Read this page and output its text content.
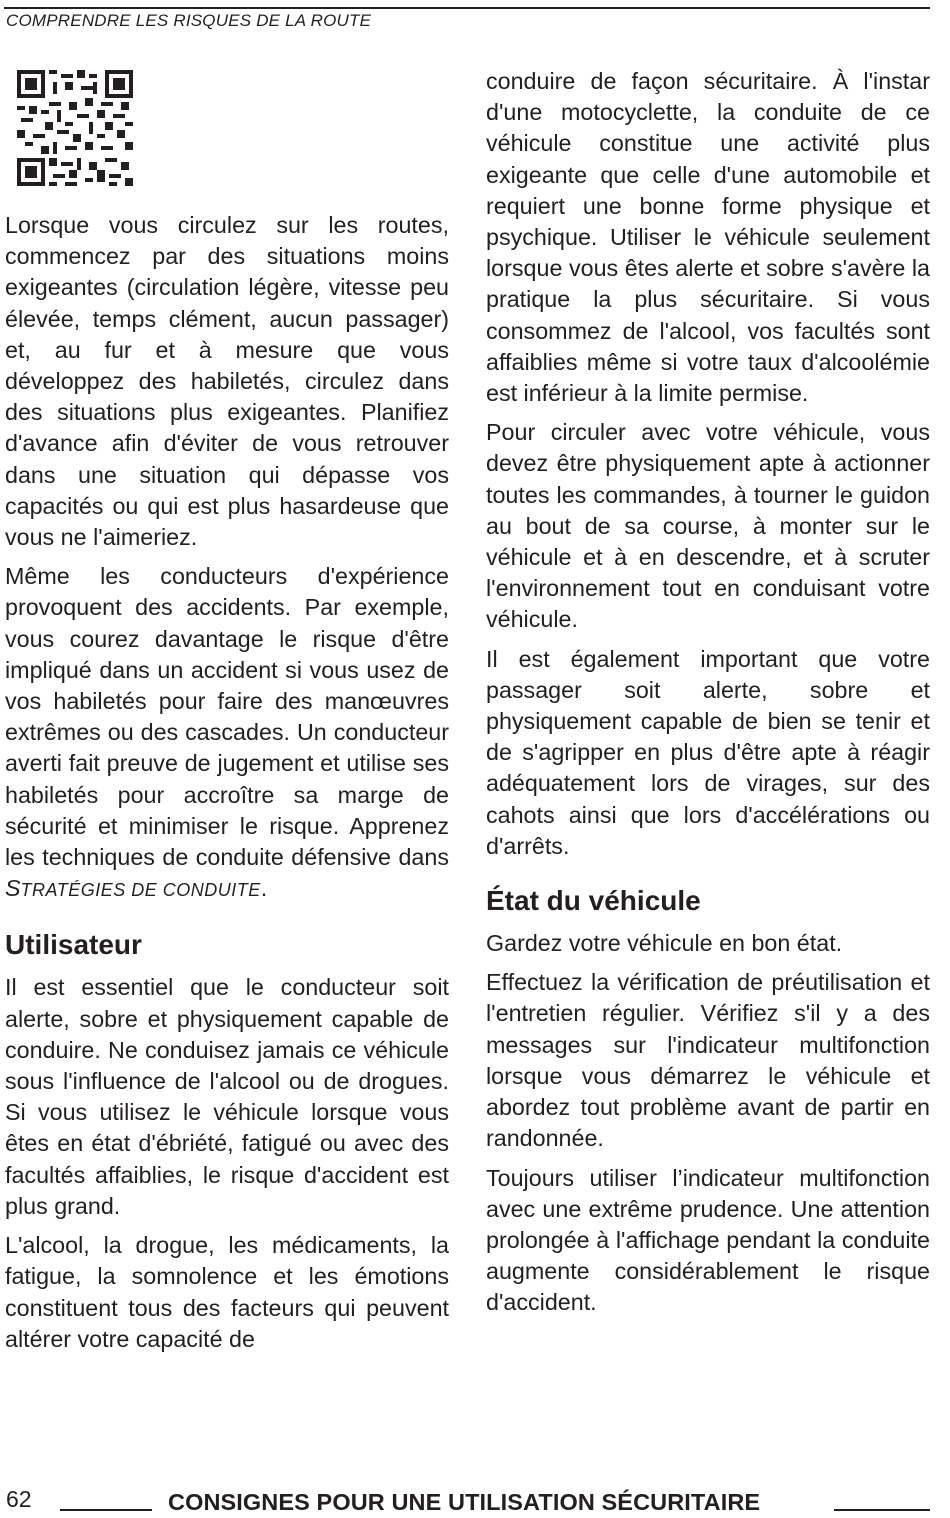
COMPRENDRE LES RISQUES DE LA ROUTE

Lorsque vous circulez sur les routes, commencez par des situations moins exigeantes (circulation légère, vitesse peu élevée, temps clément, aucun passager) et, au fur et à mesure que vous développez des habiletés, circulez dans des situations plus exigeantes. Planifiez d'avance afin d'éviter de vous retrouver dans une situation qui dépasse vos capacités ou qui est plus hasardeuse que vous ne l'aimeriez.

Même les conducteurs d'expérience provoquent des accidents. Par exemple, vous courez davantage le risque d'être impliqué dans un accident si vous usez de vos habiletés pour faire des manœuvres extrêmes ou des cascades. Un conducteur averti fait preuve de jugement et utilise ses habiletés pour accroître sa marge de sécurité et minimiser le risque. Apprenez les techniques de conduite défensive dans STRATÉGIES DE CONDUITE.

Utilisateur

Il est essentiel que le conducteur soit alerte, sobre et physiquement capable de conduire. Ne conduisez jamais ce véhicule sous l'influence de l'alcool ou de drogues. Si vous utilisez le véhicule lorsque vous êtes en état d'ébriété, fatigué ou avec des facultés affaiblies, le risque d'accident est plus grand.

L'alcool, la drogue, les médicaments, la fatigue, la somnolence et les émotions constituent tous des facteurs qui peuvent altérer votre capacité de

conduire de façon sécuritaire. À l'instar d'une motocyclette, la conduite de ce véhicule constitue une activité plus exigeante que celle d'une automobile et requiert une bonne forme physique et psychique. Utiliser le véhicule seulement lorsque vous êtes alerte et sobre s'avère la pratique la plus sécuritaire. Si vous consommez de l'alcool, vos facultés sont affaiblies même si votre taux d'alcoolémie est inférieur à la limite permise.

Pour circuler avec votre véhicule, vous devez être physiquement apte à actionner toutes les commandes, à tourner le guidon au bout de sa course, à monter sur le véhicule et à en descendre, et à scruter l'environnement tout en conduisant votre véhicule.

Il est également important que votre passager soit alerte, sobre et physiquement capable de bien se tenir et de s'agripper en plus d'être apte à réagir adéquatement lors de virages, sur des cahots ainsi que lors d'accélérations ou d'arrêts.

État du véhicule

Gardez votre véhicule en bon état.

Effectuez la vérification de préutilisation et l'entretien régulier. Vérifiez s'il y a des messages sur l'indicateur multifonction lorsque vous démarrez le véhicule et abordez tout problème avant de partir en randonnée.

Toujours utiliser l’indicateur multifonction avec une extrême prudence. Une attention prolongée à l'affichage pendant la conduite augmente considérablement le risque d'accident.

62	CONSIGNES POUR UNE UTILISATION SÉCURITAIRE
